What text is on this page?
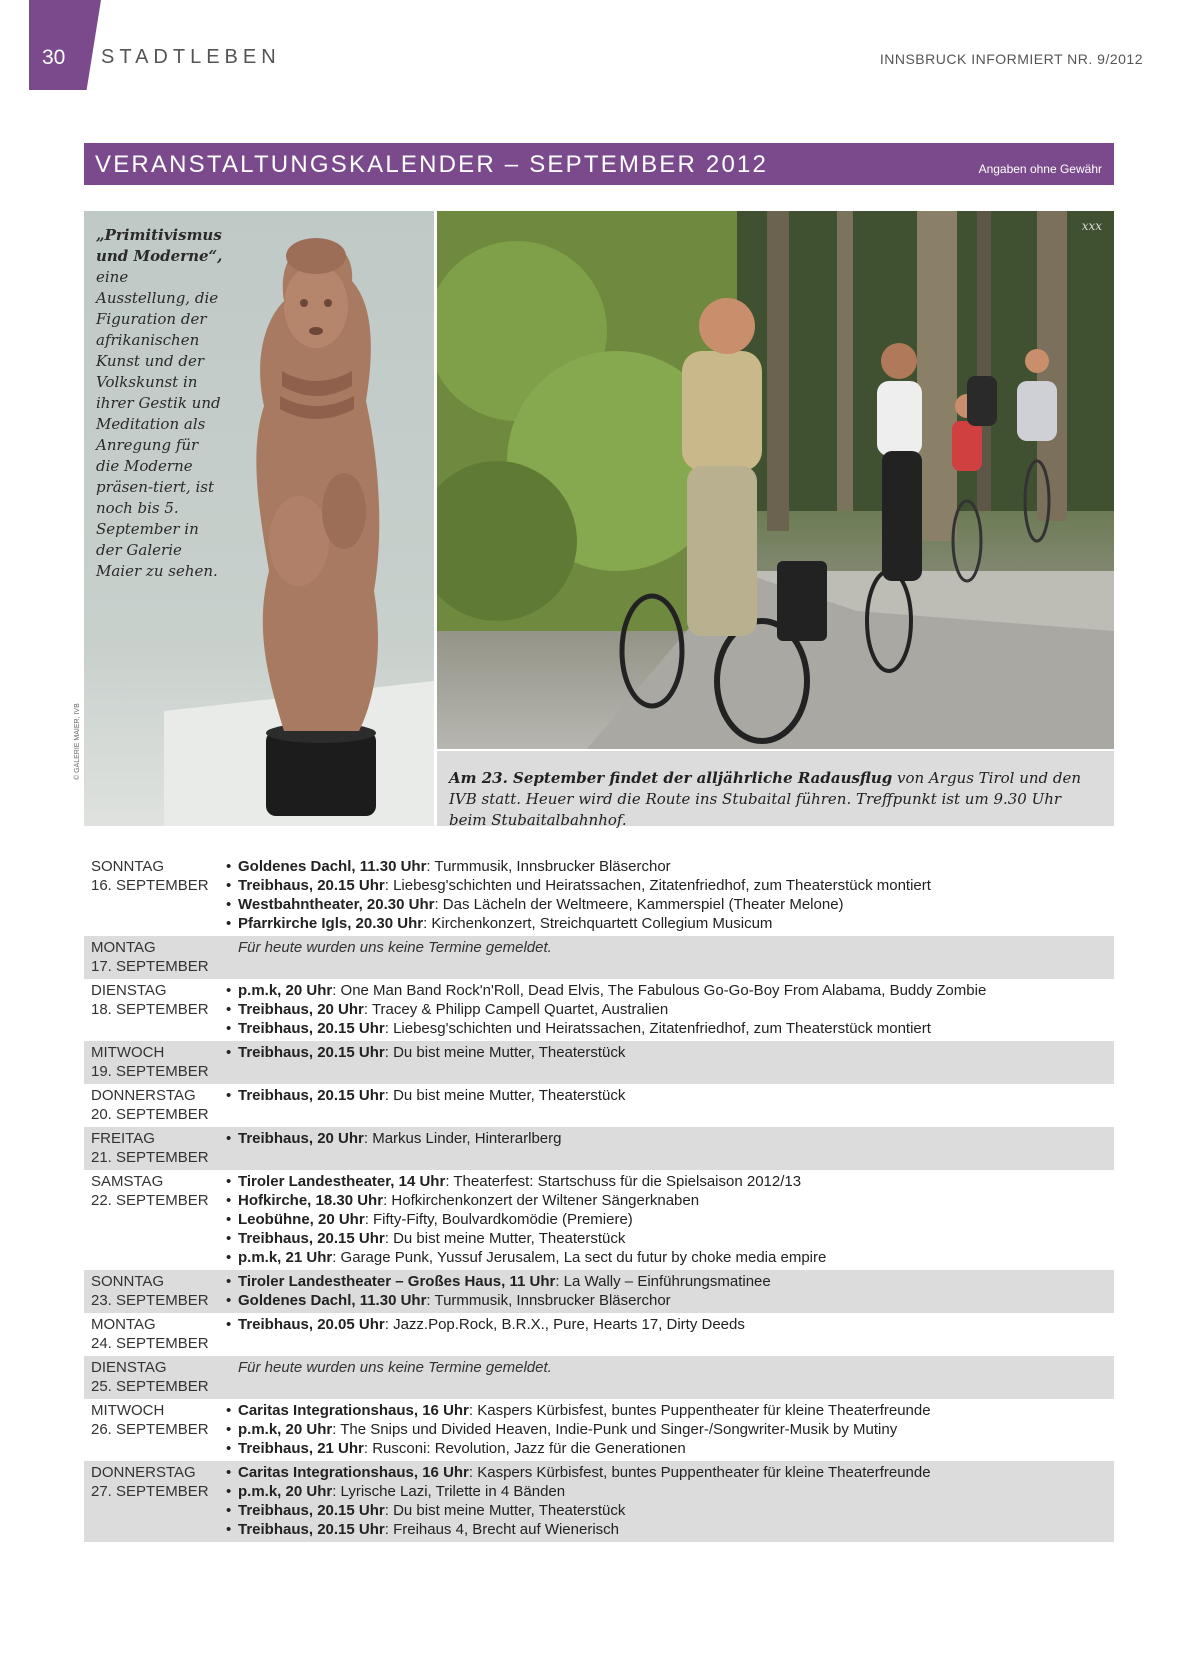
30 STADTLEBEN	INNSBRUCK INFORMIERT NR. 9/2012
VERANSTALTUNGSKALENDER – SEPTEMBER 2012	Angaben ohne Gewähr
„Primitivismus und Moderne“, eine Ausstellung, die Figuration der afrikanischen Kunst und der Volkskunst in ihrer Gestik und Meditation als Anregung für die Moderne präsen-tiert, ist noch bis 5. September in der Galerie Maier zu sehen.
© GALERIE MAIER, IVB
xxx

Am 23. September findet der alljährliche Radausflug von Argus Tirol und den IVB statt. Heuer wird die Route ins Stubaital führen. Treffpunkt ist um 9.30 Uhr beim Stubaitalbahnhof.

SONNTAG
16. SEPTEMBER
• Goldenes Dachl, 11.30 Uhr: Turmmusik, Innsbrucker Bläserchor
• Treibhaus, 20.15 Uhr: Liebesg'schichten und Heiratssachen, Zitatenfriedhof, zum Theaterstück montiert
• Westbahntheater, 20.30 Uhr: Das Lächeln der Weltmeere, Kammerspiel (Theater Melone)
• Pfarrkirche Igls, 20.30 Uhr: Kirchenkonzert, Streichquartett Collegium Musicum
MONTAG
17. SEPTEMBER
Für heute wurden uns keine Termine gemeldet.
DIENSTAG
18. SEPTEMBER
• p.m.k, 20 Uhr: One Man Band Rock'n'Roll, Dead Elvis, The Fabulous Go-Go-Boy From Alabama, Buddy Zombie
• Treibhaus, 20 Uhr: Tracey & Philipp Campell Quartet, Australien
• Treibhaus, 20.15 Uhr: Liebesg'schichten und Heiratssachen, Zitatenfriedhof, zum Theaterstück montiert
MITWOCH
19. SEPTEMBER
• Treibhaus, 20.15 Uhr: Du bist meine Mutter, Theaterstück
DONNERSTAG
20. SEPTEMBER
• Treibhaus, 20.15 Uhr: Du bist meine Mutter, Theaterstück
FREITAG
21. SEPTEMBER
• Treibhaus, 20 Uhr: Markus Linder, Hinterarlberg
SAMSTAG
22. SEPTEMBER
• Tiroler Landestheater, 14 Uhr: Theaterfest: Startschuss für die Spielsaison 2012/13
• Hofkirche, 18.30 Uhr: Hofkirchenkonzert der Wiltener Sängerknaben
• Leobühne, 20 Uhr: Fifty-Fifty, Boulvardkomödie (Premiere)
• Treibhaus, 20.15 Uhr: Du bist meine Mutter, Theaterstück
• p.m.k, 21 Uhr: Garage Punk, Yussuf Jerusalem, La sect du futur by choke media empire
SONNTAG
23. SEPTEMBER
• Tiroler Landestheater – Großes Haus, 11 Uhr: La Wally – Einführungsmatinee
• Goldenes Dachl, 11.30 Uhr: Turmmusik, Innsbrucker Bläserchor
MONTAG
24. SEPTEMBER
• Treibhaus, 20.05 Uhr: Jazz.Pop.Rock, B.R.X., Pure, Hearts 17, Dirty Deeds
DIENSTAG
25. SEPTEMBER
Für heute wurden uns keine Termine gemeldet.
MITWOCH
26. SEPTEMBER
• Caritas Integrationshaus, 16 Uhr: Kaspers Kürbisfest, buntes Puppentheater für kleine Theaterfreunde
• p.m.k, 20 Uhr: The Snips und Divided Heaven, Indie-Punk und Singer-/Songwriter-Musik by Mutiny
• Treibhaus, 21 Uhr: Rusconi: Revolution, Jazz für die Generationen
DONNERSTAG
27. SEPTEMBER
• Caritas Integrationshaus, 16 Uhr: Kaspers Kürbisfest, buntes Puppentheater für kleine Theaterfreunde
• p.m.k, 20 Uhr: Lyrische Lazi, Trilette in 4 Bänden
• Treibhaus, 20.15 Uhr: Du bist meine Mutter, Theaterstück
• Treibhaus, 20.15 Uhr: Freihaus 4, Brecht auf Wienerisch
